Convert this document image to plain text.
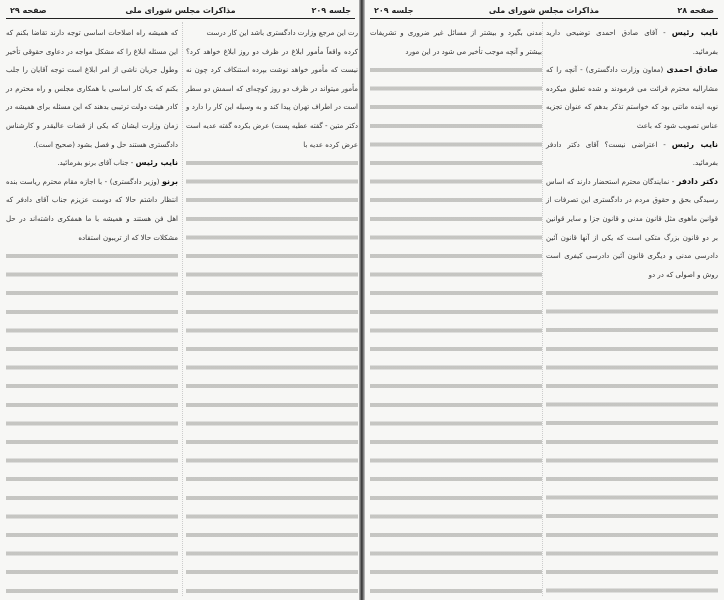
صفحه ۲۹	مذاکرات مجلس شورای ملی	جلسه ۲۰۹

رت این مرجع وزارت دادگستری باشد این کار درست

کرده واقعاً مأمور ابلاغ در ظرف دو روز ابلاغ خواهد کرد؟ نیست که مأمور خواهد نوشت بپرده استنکاف کرد چون نه مأمور میتواند در ظرف دو روز کوچه‌ای که اسمش دو سطر است در اطراف تهران پیدا کند و به وسیله این کار را دارد و دکتر متین - گفته عطیه پست) عرض بکرده گفته عدیه است عرض کرده عدیه با

که همیشه راه اصلاحات اساسی توجه دارند تقاضا بکنم که این مسئله ابلاغ را که مشکل مواجه در دعاوی حقوقی تأخیر وطول جریان ناشی از امر ابلاغ است توجه آقایان را جلب بکنم که یک کار اساسی با همکاری مجلس و راه محترم در کادر هیئت دولت ترتیبی بدهند که این مسئله برای همیشه در زمان وزارت ایشان که یکی از قضات عالیقدر و کارشناس دادگستری هستند حل و فصل بشود (صحیح است).

نایب رئیس - جناب آقای برنو بفرمائید.

برنو (وزیر دادگستری) - با اجازه مقام محترم ریاست بنده انتظار داشتم حالا که دوست عزیزم جناب آقای دادفر که اهل فن هستند و همیشه با ما همفکری داشته‌اند در حل مشکلات حالا که از تریبون استفاده

جلسه ۲۰۹	مذاکرات مجلس شورای ملی	صفحه ۲۸

نایب رئیس - آقای صادق احمدی توضیحی دارید بفرمائید.

صادق احمدی (معاون وزارت دادگستری) - آنچه را که مشارالیه محترم قرائت می فرمودند و شده تعلیق میکرده نوبه اینده ماتنی بود که خواستم تذکر بدهم که عنوان تجزیه عناس تصویب شود که باعث

نایب رئیس - اعتراضی نیست؟ آقای دکتر دادفر بفرمائید.

دکتر دادفر - نمایندگان محترم استحضار دارند که اساس رسیدگی بحق و حقوق مردم در دادگستری این تصرفات از قوانین ماهوی مثل قانون مدنی و قانون جزا و سایر قوانین بر دو قانون بزرگ متکی است که یکی از آنها قانون آئین دادرسی مدنی و دیگری قانون آئین دادرسی کیفری است روش و اصولی که در دو

مدنی بگیرد و بیشتر از مسائل غیر ضروری و تشریفات بیشتر و آنچه موجب تأخیر می شود در این مورد
